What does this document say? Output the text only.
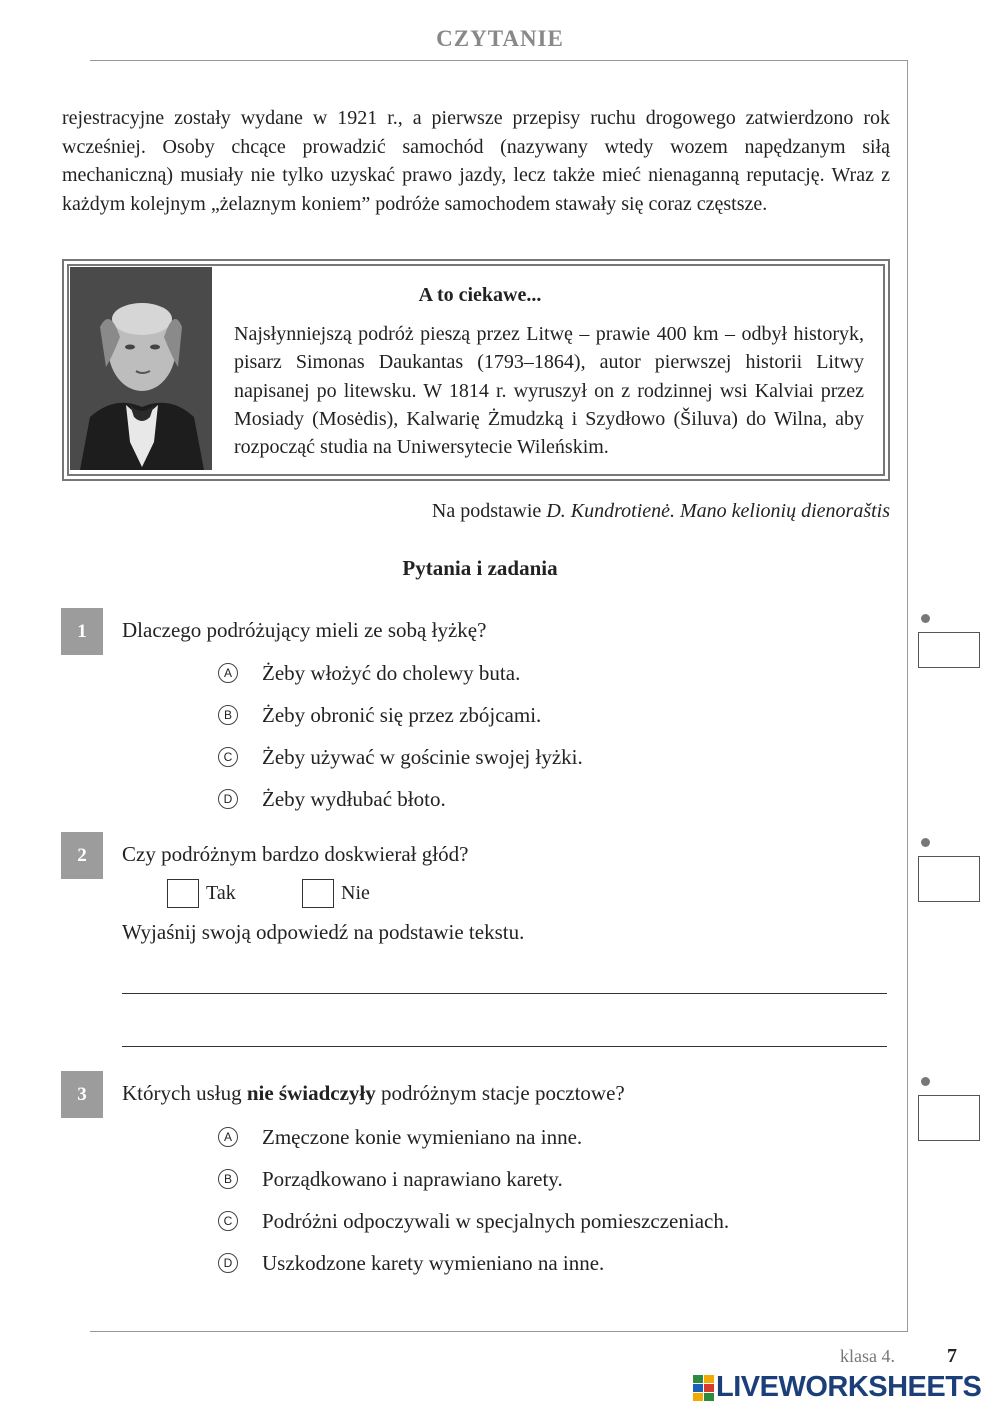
CZYTANIE
rejestracyjne zostały wydane w 1921 r., a pierwsze przepisy ruchu drogowego zatwierdzono rok wcześniej. Osoby chcące prowadzić samochód (nazywany wtedy wozem napędzanym siłą mechaniczną) musiały nie tylko uzyskać prawo jazdy, lecz także mieć nienaganną reputację. Wraz z każdym kolejnym „żelaznym koniem” podróże samochodem stawały się coraz częstsze.
A to ciekawe...
Najsłynniejszą podróż pieszą przez Litwę – prawie 400 km – odbył historyk, pisarz Simonas Daukantas (1793–1864), autor pierwszej historii Litwy napisanej po litewsku. W 1814 r. wyruszył on z rodzinnej wsi Kalviai przez Mosiady (Mosėdis), Kalwarię Żmudzką i Szydłowo (Šiluva) do Wilna, aby rozpocząć studia na Uniwersytecie Wileńskim.
Na podstawie D. Kundrotienė. Mano kelionių dienoraštis
Pytania i zadania
1	Dlaczego podróżujący mieli ze sobą łyżkę?
A Żeby włożyć do cholewy buta.
B Żeby obronić się przez zbójcami.
C Żeby używać w gościnie swojej łyżki.
D Żeby wydłubać błoto.
2	Czy podróżnym bardzo doskwierał głód?
Tak	Nie
Wyjaśnij swoją odpowiedź na podstawie tekstu.
3	Których usług nie świadczyły podróżnym stacje pocztowe?
A Zmęczone konie wymieniano na inne.
B Porządkowano i naprawiano karety.
C Podróżni odpoczywali w specjalnych pomieszczeniach.
D Uszkodzone karety wymieniano na inne.
klasa 4.	7
LIVEWORKSHEETS
